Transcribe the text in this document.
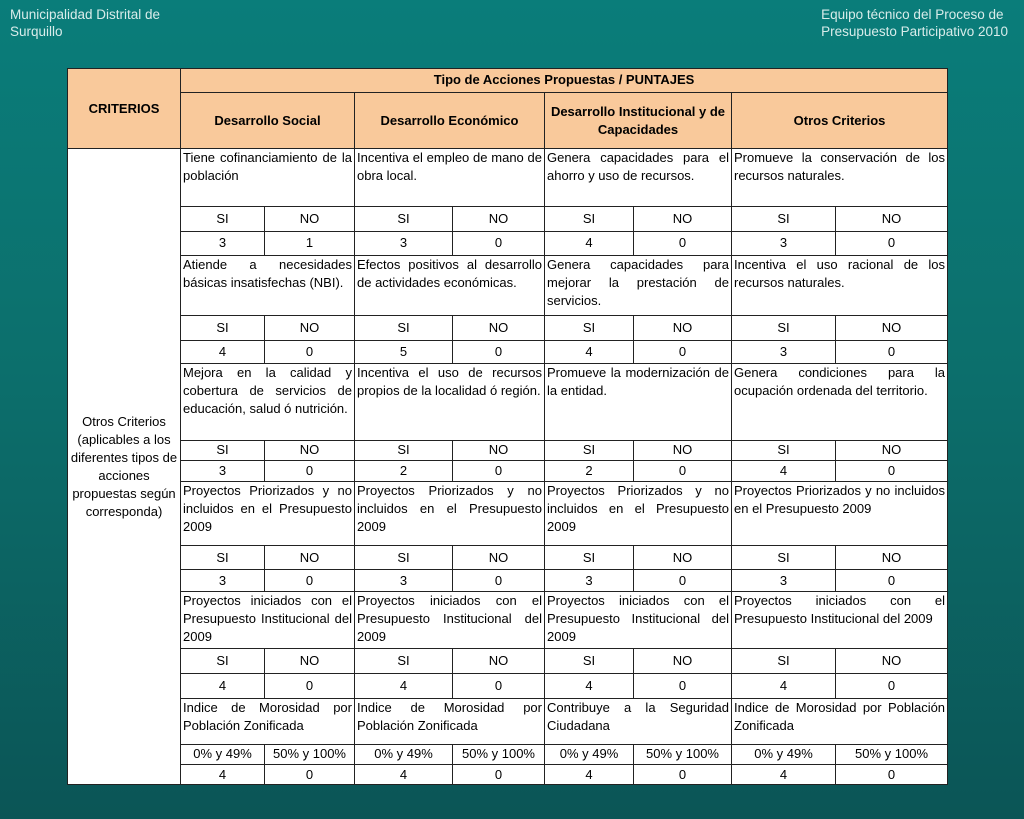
Municipalidad Distrital de
Surquillo
Equipo técnico del Proceso de
Presupuesto Participativo 2010
CRITERIOS	Tipo de Acciones Propuestas / PUNTAJES							
	Desarrollo Social		Desarrollo Económico		Desarrollo Institucional y de Capacidades		Otros Criterios	
Otros Criterios (aplicables a los diferentes tipos de acciones propuestas según corresponda)	Tiene cofinanciamiento de la población		Incentiva el empleo de mano de obra local.		Genera capacidades para el ahorro y uso de recursos.		Promueve la conservación de los recursos naturales.	
	SI	NO	SI	NO	SI	NO	SI	NO
	3	1	3	0	4	0	3	0
	Atiende a necesidades básicas insatisfechas (NBI).		Efectos positivos al desarrollo de actividades económicas.		Genera capacidades para mejorar la prestación de servicios.		Incentiva el uso racional de los recursos naturales.	
	SI	NO	SI	NO	SI	NO	SI	NO
	4	0	5	0	4	0	3	0
	Mejora en la calidad y cobertura de servicios de educación, salud ó nutrición.		Incentiva el uso de recursos propios de la localidad ó región.		Promueve la modernización de la entidad.		Genera condiciones para la ocupación ordenada del territorio.	
	SI	NO	SI	NO	SI	NO	SI	NO
	3	0	2	0	2	0	4	0
	Proyectos Priorizados y no incluidos en el Presupuesto 2009		Proyectos Priorizados y no incluidos en el Presupuesto 2009		Proyectos Priorizados y no incluidos en el Presupuesto 2009		Proyectos Priorizados y no incluidos en el Presupuesto 2009	
	SI	NO	SI	NO	SI	NO	SI	NO
	3	0	3	0	3	0	3	0
	Proyectos iniciados con el Presupuesto Institucional del 2009		Proyectos iniciados con el Presupuesto Institucional del 2009		Proyectos iniciados con el Presupuesto Institucional del 2009		Proyectos iniciados con el Presupuesto Institucional del 2009	
	SI	NO	SI	NO	SI	NO	SI	NO
	4	0	4	0	4	0	4	0
	Indice de Morosidad por Población Zonificada		Indice de Morosidad por Población Zonificada		Contribuye a la Seguridad Ciudadana		Indice de Morosidad por Población Zonificada	

	0% y 49%	50% y 100%	0% y 49%	50% y 100%	0% y 49%	50% y 100%	0% y 49%	50% y 100%

	4	0	4	0	4	0	4	0
